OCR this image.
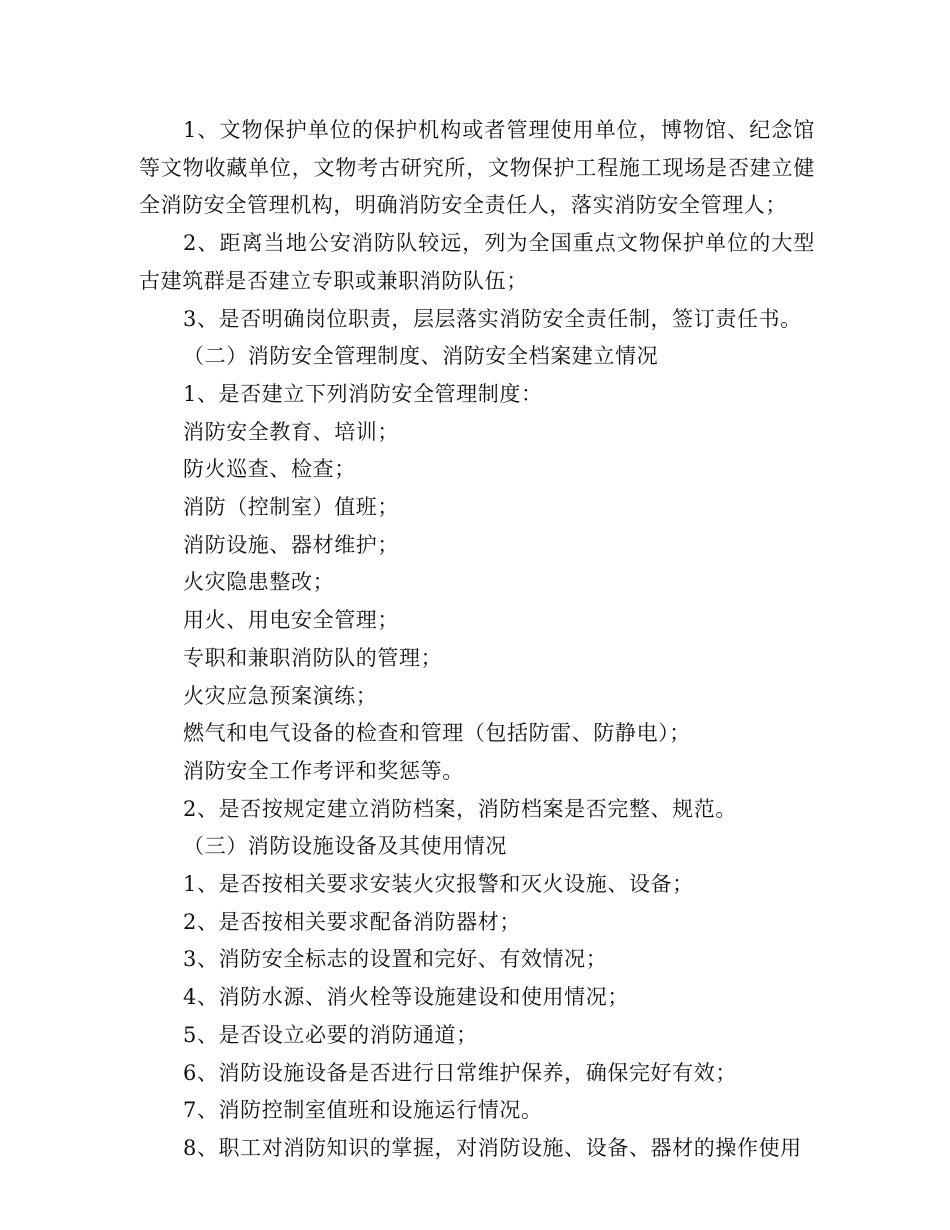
1、文物保护单位的保护机构或者管理使用单位，博物馆、纪念馆等文物收藏单位，文物考古研究所，文物保护工程施工现场是否建立健全消防安全管理机构，明确消防安全责任人，落实消防安全管理人；

2、距离当地公安消防队较远，列为全国重点文物保护单位的大型古建筑群是否建立专职或兼职消防队伍；

3、是否明确岗位职责，层层落实消防安全责任制，签订责任书。

（二）消防安全管理制度、消防安全档案建立情况

1、是否建立下列消防安全管理制度：

消防安全教育、培训；

防火巡查、检查；

消防（控制室）值班；

消防设施、器材维护；

火灾隐患整改；

用火、用电安全管理；

专职和兼职消防队的管理；

火灾应急预案演练；

燃气和电气设备的检查和管理（包括防雷、防静电）；

消防安全工作考评和奖惩等。

2、是否按规定建立消防档案，消防档案是否完整、规范。

（三）消防设施设备及其使用情况

1、是否按相关要求安装火灾报警和灭火设施、设备；

2、是否按相关要求配备消防器材；

3、消防安全标志的设置和完好、有效情况；

4、消防水源、消火栓等设施建设和使用情况；

5、是否设立必要的消防通道；

6、消防设施设备是否进行日常维护保养，确保完好有效；

7、消防控制室值班和设施运行情况。

8、职工对消防知识的掌握，对消防设施、设备、器材的操作使用
